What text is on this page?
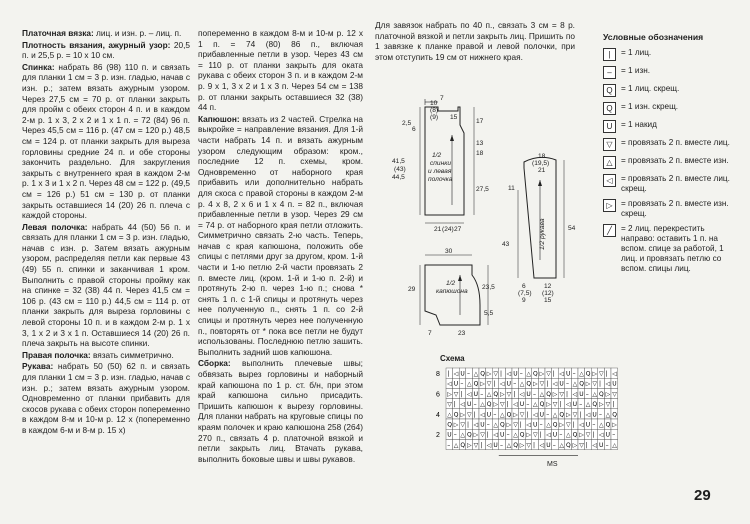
Платочная вязка: лиц. и изн. р. – лиц. п.

Плотность вязания, ажурный узор: 20,5 п. и 25,5 р. = 10 х 10 см.

Спинка: набрать 86 (98) 110 п. и связать для планки 1 см = 3 р. изн. гладью, начав с изн. р.; затем вязать ажурным узором. Через 27,5 см = 70 р. от планки закрыть для пройм с обеих сторон 4 п. и в каждом 2-м р. 1 х 3, 2 х 2 и 1 х 1 п. = 72 (84) 96 п. Через 45,5 см = 116 р. (47 см = 120 р.) 48,5 см = 124 р. от планки закрыть для выреза горловины средние 24 п. и обе стороны закончить раздельно. Для закругления закрыть с внутреннего края в каждом 2-м р. 1 х 3 и 1 х 2 п. Через 48 см = 122 р. (49,5 см = 126 р.) 51 см = 130 р. от планки закрыть оставшиеся 14 (20) 26 п. плеча с каждой стороны.

Левая полочка: набрать 44 (50) 56 п. и связать для планки 1 см = 3 р. изн. гладью, начав с изн. р. Затем вязать ажурным узором, распределяя петли как первые 43 (49) 55 п. спинки и заканчивая 1 кром. Выполнить с правой стороны пройму как на спинке = 32 (38) 44 п. Через 41,5 см = 106 р. (43 см = 110 р.) 44,5 см = 114 р. от планки закрыть для выреза горловины с левой стороны 10 п. и в каждом 2-м р. 1 х 3, 1 х 2 и 3 х 1 п. Оставшиеся 14 (20) 26 п. плеча закрыть на высоте спинки.

Правая полочка: вязать симметрично.

Рукава: набрать 50 (50) 62 п. и связать для планки 1 см = 3 р. изн. гладью, начав с изн. р.; затем вязать ажурным узором. Одновременно от планки прибавить для скосов рукава с обеих сторон попеременно в каждом 8-м и 10-м р. 12 х (попеременно в каждом 6-м и 8-м р. 15 х)

попеременно в каждом 8-м и 10-м р. 12 х 1 п. = 74 (80) 86 п., включая прибавленные петли в узор. Через 43 см = 110 р. от планки закрыть для оката рукава с обеих сторон 3 п. и в каждом 2-м р. 9 х 1, 3 х 2 и 1 х 3 п. Через 54 см = 138 р. от планки закрыть оставшиеся 32 (38) 44 п.

Капюшон: вязать из 2 частей. Стрелка на выкройке = направление вязания. Для 1-й части набрать 14 п. и вязать ажурным узором следующим образом: кром., последние 12 п. схемы, кром. Одновременно от наборного края прибавить или дополнительно набрать для скоса с правой стороны в каждом 2-м р. 4 х 8, 2 х 6 и 1 х 4 п. = 82 п., включая прибавленные петли в узор. Через 29 см = 74 р. от наборного края петли отложить. Симметрично связать 2-ю часть. Теперь, начав с края капюшона, положить обе спицы с петлями друг за другом, кром. 1-й части и 1-ю петлю 2-й части провязать 2 п. вместе лиц. (кром. 1-й и 1-ю п. 2-й) и протянуть 2-ю п. через 1-ю п.; снова * снять 1 п. с 1-й спицы и протянуть через нее полученную п., снять 1 п. со 2-й спицы и протянуть через нее полученную п., повторять от * пока все петли не будут использованы. Последнюю петлю зашить. Выполнить задний шов капюшона.

Сборка: выполнить плечевые швы; обвязать вырез горловины и наборный край капюшона по 1 р. ст. б/н, при этом край капюшона сильно присадить. Пришить капюшон к вырезу горловины. Для планки набрать на круговые спицы по краям полочек и краю капюшона 258 (264) 270 п., связать 4 р. платочной вязкой и петли закрыть лиц. Втачать рукава, выполнить боковые швы и швы рукавов.

Для завязок набрать по 40 п., связать 3 см = 8 р. платочной вязкой и петли закрыть лиц. Пришить по 1 завязке к планке правой и левой полочки, при этом отступить 19 см от нижнего края.

2,5
6
7
10
(8)
(9) 15
17
41,5
(43)
44,5
13
18
27,5
21 (24) 27
1/2 спинки и левая полочка
18
(19,5)
21
11
43
54
6
(7,5)
9
12
(12)
15
1/2 рукава
30
29	23,5
5,5
7	23
1/2 капюшона
Условные обозначения
|	= 1 лиц.
–	= 1 изн.
Q	= 1 лиц. скрещ.
Q	= 1 изн. скрещ.
U	= 1 накид
▽	= провязать 2 п. вместе лиц.
△	= провязать 2 п. вместе изн.
◁	= провязать 2 п. вместе лиц. скрещ.
▷	= провязать 2 п. вместе изн. скрещ.
╱	= 2 лиц. перекрестить направо: оставить 1 п. на вспом. спице за работой, 1 лиц. и провязать петлю со вспом. спицы лиц.
Схема
| ◁ U – △ Q ▷ ▽ | ◁ U – △ Q ▷ ▽ | ◁ U – △ Q ▷ ▽ | ◁
◁ U – △ Q ▷ ▽ | ◁ U – △ Q ▷ ▽ | ◁ U – △ Q ▷ ▽ | ◁ U
▷ ▽ | ◁ U – △ Q ▷ ▽ | ◁ U – △ Q ▷ ▽ | ◁ U – △ Q ▷ ▽
▽ | ◁ U – △ Q ▷ ▽ | ◁ U – △ Q ▷ ▽ | ◁ U – △ Q ▷ ▽ |
△ Q ▷ ▽ | ◁ U – △ Q ▷ ▽ | ◁ U – △ Q ▷ ▽ | ◁ U – △ Q
Q ▷ ▽ | ◁ U – △ Q ▷ ▽ | ◁ U – △ Q ▷ ▽ | ◁ U – △ Q ▷
U – △ Q ▷ ▽ | ◁ U – △ Q ▷ ▽ | ◁ U – △ Q ▷ ▽ | ◁ U –
– △ Q ▷ ▽ | ◁ U – △ Q ▷ ▽ | ◁ U – △ Q ▷ ▽ | ◁ U – △
8
6
4
2
MS
29
